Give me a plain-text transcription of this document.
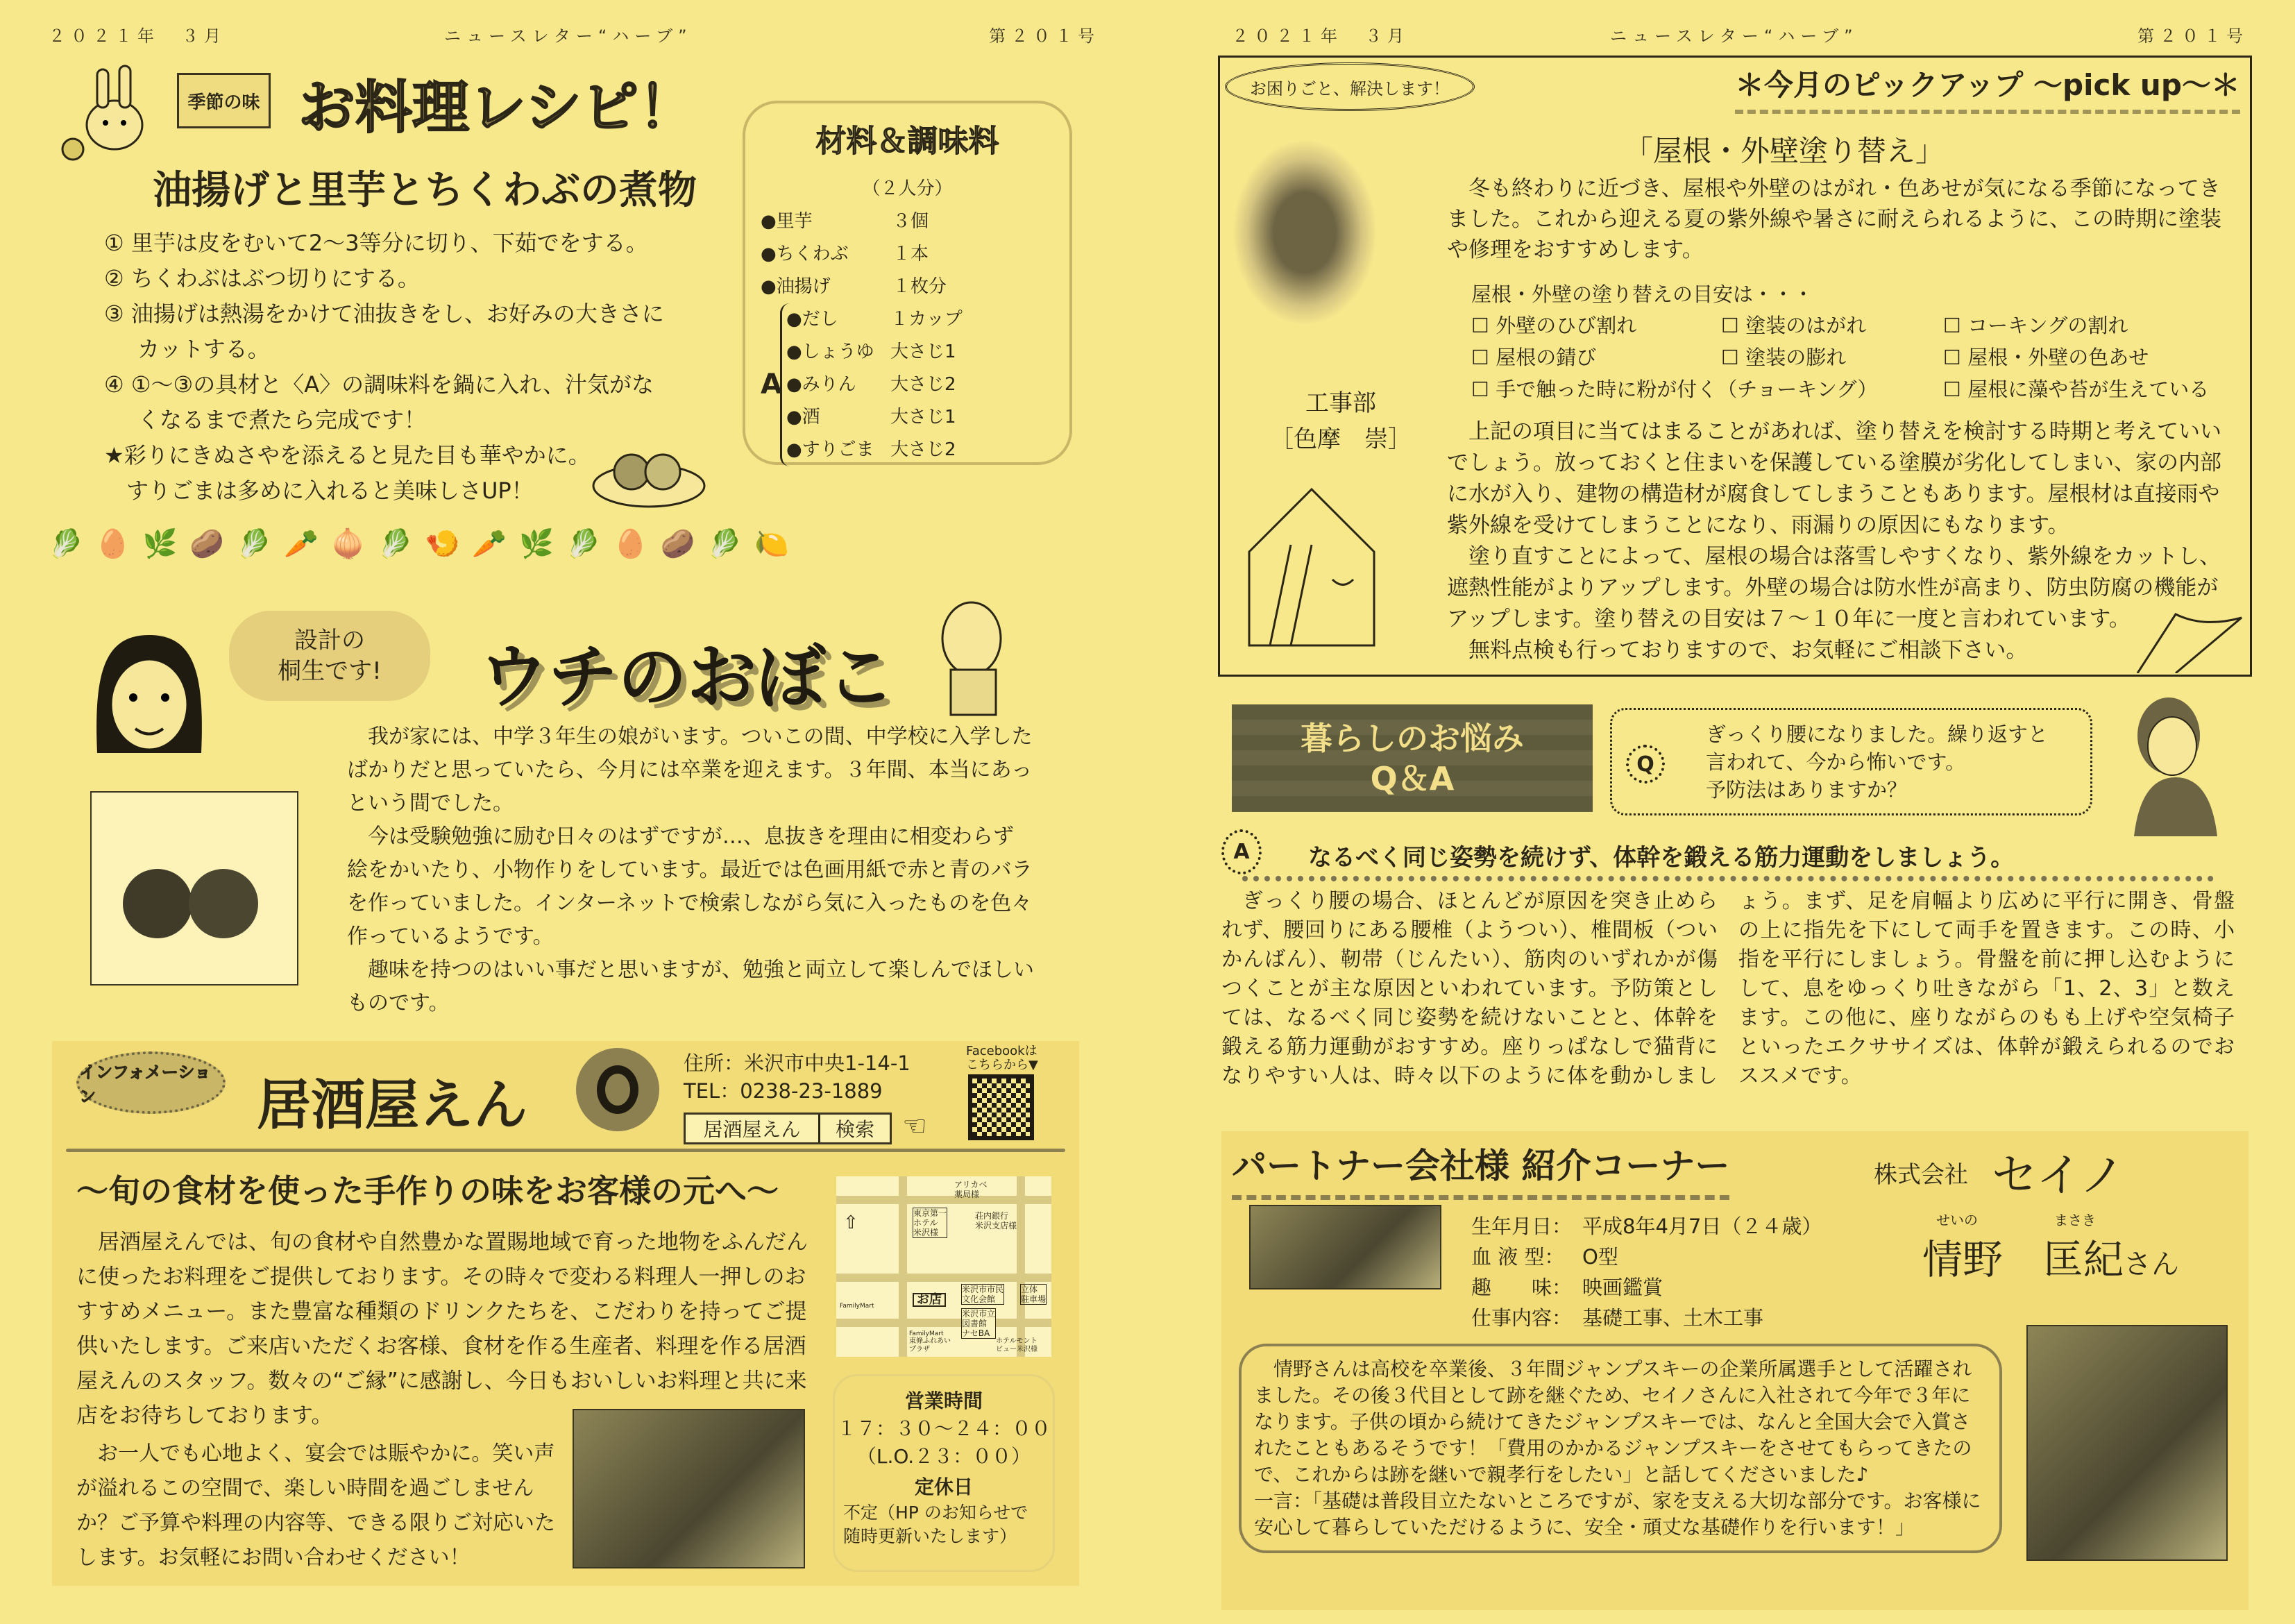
２０２１年　３月	ニュースレター“ハーブ”	第２０１号
季節の味 お料理レシピ！
油揚げと里芋とちくわぶの煮物
① 里芋は皮をむいて2～3等分に切り、下茹でをする。
② ちくわぶはぶつ切りにする。
③ 油揚げは熱湯をかけて油抜きをし、お好みの大きさにカットする。
④ ①～③の具材と〈A〉の調味料を鍋に入れ、汁気がなくなるまで煮たら完成です！
★彩りにきぬさやを添えると見た目も華やかに。
すりごまは多めに入れると美味しさUP！
材料＆調味料
（２人分）
●里芋	３個
●ちくわぶ	１本
●油揚げ	１枚分
A
●だし	１カップ
●しょうゆ 大さじ1
●みりん	大さじ2
●酒	大さじ1
●すりごま 大さじ2
🥬🥚🌿🥔🥬🥕🧅🥬🍤🥕🌿🥬🥚🥔🥬🍋
設計の
桐生です!	ウチのおぼこ

我が家には、中学３年生の娘がいます。ついこの間、中学校に入学したばかりだと思っていたら、今月には卒業を迎えます。３年間、本当にあっという間でした。

今は受験勉強に励む日々のはずですが…、息抜きを理由に相変わらず絵をかいたり、小物作りをしています。最近では色画用紙で赤と青のバラを作っていました。インターネットで検索しながら気に入ったものを色々作っているようです。

趣味を持つのはいい事だと思いますが、勉強と両立して楽しんでほしいものです。

インフォメーション	居酒屋えん
住所：米沢市中央1-14-1
TEL：0238-23-1889
居酒屋えん	検索	☜
Facebookは
こちらから▼
～旬の食材を使った手作りの味をお客様の元へ～

居酒屋えんでは、旬の食材や自然豊かな置賜地域で育った地物をふんだんに使ったお料理をご提供しております。その時々で変わる料理人一押しのおすすめメニュー。また豊富な種類のドリンクたちを、こだわりを持ってご提供いたします。ご来店いただくお客様、食材を作る生産者、料理を作る居酒屋えんのスタッフ。数々の“ご縁”に感謝し、今日もおいしいお料理と共に来店をお待ちしております。

お一人でも心地よく、宴会では賑やかに。笑い声が溢れるこの空間で、楽しい時間を過ごしませんか？ご予算や料理の内容等、できる限りご対応いたします。お気軽にお問い合わせください！

アリカベ
薬局様
東京第一
ホテル
米沢様
荘内銀行
米沢支店様
米沢市市民
文化会館
立体
駐車場
お店
FamilyMart
FamilyMart
米沢市立
図書館
ナセBA
東條ふれあい
プラザ
ホテルモント
ビュー米沢様
⇧
営業時間
１７：３０～２４：００
（L.O.２３：００）
定休日
不定（HP のお知らせで随時更新いたします）
２０２１年　３月	ニュースレター“ハーブ”	第２０１号
お困りごと、解決します！	＊今月のピックアップ ～pick up～＊
「屋根・外壁塗り替え」
工事部
［色摩　崇］

冬も終わりに近づき、屋根や外壁のはがれ・色あせが気になる季節になってきました。これから迎える夏の紫外線や暑さに耐えられるように、この時期に塗装や修理をおすすめします。

屋根・外壁の塗り替えの目安は・・・
☐ 外壁のひび割れ	☐ 塗装のはがれ	☐ コーキングの割れ
☐ 屋根の錆び	☐ 塗装の膨れ	☐ 屋根・外壁の色あせ
☐ 手で触った時に粉が付く（チョーキング）	☐ 屋根に藻や苔が生えている

上記の項目に当てはまることがあれば、塗り替えを検討する時期と考えていいでしょう。放っておくと住まいを保護している塗膜が劣化してしまい、家の内部に水が入り、建物の構造材が腐食してしまうこともあります。屋根材は直接雨や紫外線を受けてしまうことになり、雨漏りの原因にもなります。

塗り直すことによって、屋根の場合は落雪しやすくなり、紫外線をカットし、遮熱性能がよりアップします。外壁の場合は防水性が高まり、防虫防腐の機能がアップします。塗り替えの目安は７～１０年に一度と言われています。

無料点検も行っておりますので、お気軽にご相談下さい。

暮らしのお悩み
Q＆A	Q
ぎっくり腰になりました。繰り返すと
言われて、今から怖いです。
予防法はありますか？
A	なるべく同じ姿勢を続けず、体幹を鍛える筋力運動をしましょう。

ぎっくり腰の場合、ほとんどが原因を突き止められず、腰回りにある腰椎（ようつい）、椎間板（ついかんばん）、靭帯（じんたい）、筋肉のいずれかが傷つくことが主な原因といわれています。予防策としては、なるべく同じ姿勢を続けないことと、体幹を鍛える筋力運動がおすすめ。座りっぱなしで猫背になりやすい人は、時々以下のように体を動かしましょう。まず、足を肩幅より広めに平行に開き、骨盤の上に指先を下にして両手を置きます。この時、小指を平行にしましょう。骨盤を前に押し込むようにして、息をゆっくり吐きながら「1、2、3」と数えます。この他に、座りながらのもも上げや空気椅子といったエクササイズは、体幹が鍛えられるのでおススメです。

パートナー会社様 紹介コーナー	株式会社 セイノ
生年月日： 平成8年4月7日（２４歳）
血 液 型： O型
趣　　味： 映画鑑賞
仕事内容： 基礎工事、土木工事
せいの	まさき
情野　 匡紀さん

情野さんは高校を卒業後、３年間ジャンプスキーの企業所属選手として活躍されました。その後３代目として跡を継ぐため、セイノさんに入社されて今年で３年になります。子供の頃から続けてきたジャンプスキーでは、なんと全国大会で入賞されたこともあるそうです！「費用のかかるジャンプスキーをさせてもらってきたので、これからは跡を継いで親孝行をしたい」と話してくださいました♪
一言：「基礎は普段目立たないところですが、家を支える大切な部分です。お客様に安心して暮らしていただけるように、安全・頑丈な基礎作りを行います！」
